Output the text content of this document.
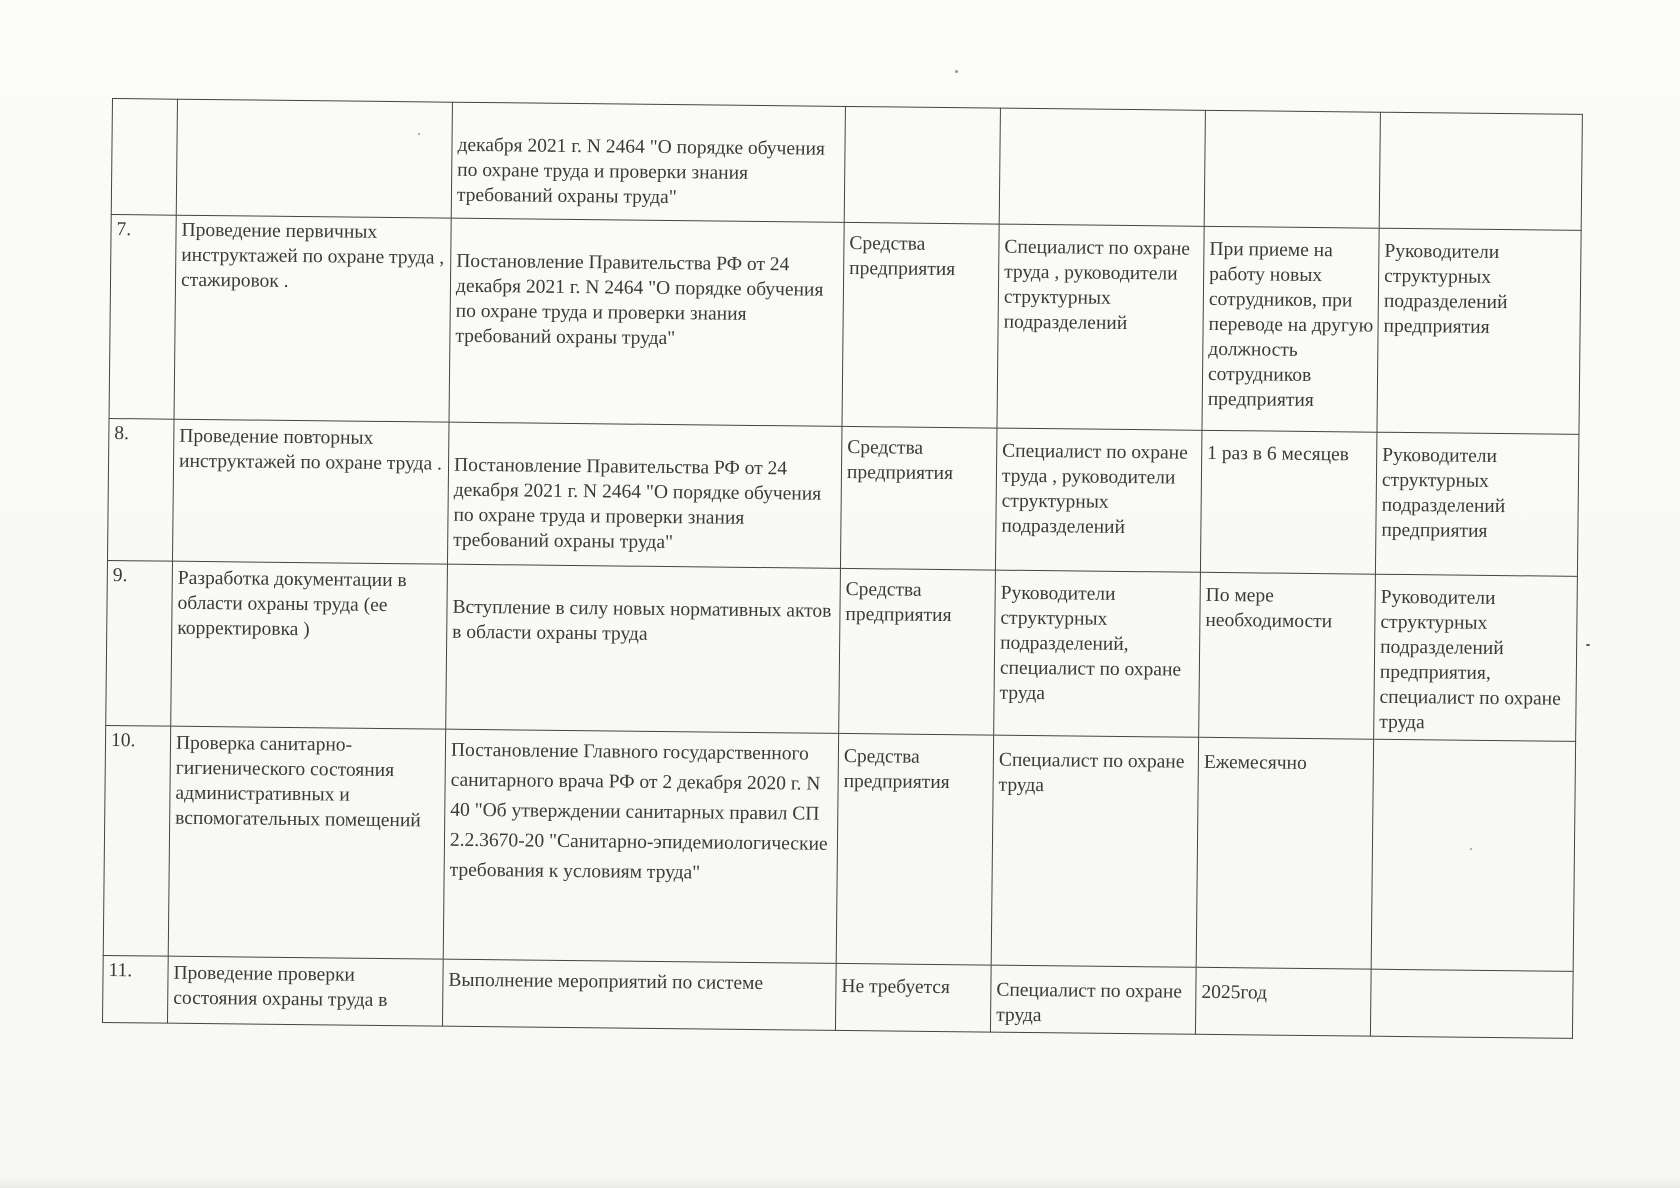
		декабря 2021 г. N 2464 "О порядке обучения по охране труда и проверки знания требований охраны труда"				
7.	Проведение первичных инструктажей по охране труда , стажировок .	Постановление Правительства РФ от 24 декабря 2021 г. N 2464 "О порядке обучения по охране труда и проверки знания требований охраны труда"	Средства предприятия	Специалист по охране труда , руководители структурных подразделений	При приеме на работу новых сотрудников, при переводе на другую должность сотрудников предприятия	Руководители структурных подразделений предприятия
8.	Проведение повторных инструктажей по охране труда .	Постановление Правительства РФ от 24 декабря 2021 г. N 2464 "О порядке обучения по охране труда и проверки знания требований охраны труда"	Средства предприятия	Специалист по охране труда , руководители структурных подразделений	1 раз в 6 месяцев	Руководители структурных подразделений предприятия
9.	Разработка документации в области охраны труда (ее корректировка )	Вступление в силу новых нормативных актов в области охраны труда	Средства предприятия	Руководители структурных подразделений, специалист по охране труда	По мере необходимости	Руководители структурных подразделений предприятия, специалист по охране труда
10.	Проверка санитарно-гигиенического состояния административных и вспомогательных помещений	Постановление Главного государственного санитарного врача РФ от 2 декабря 2020 г. N 40 "Об утверждении санитарных правил СП 2.2.3670-20 "Санитарно-эпидемиологические требования к условиям труда"	Средства предприятия	Специалист по охране труда	Ежемесячно	
11.	Проведение проверки состояния охраны труда в	Выполнение мероприятий по системе	Не требуется	Специалист по охране труда	2025год	
